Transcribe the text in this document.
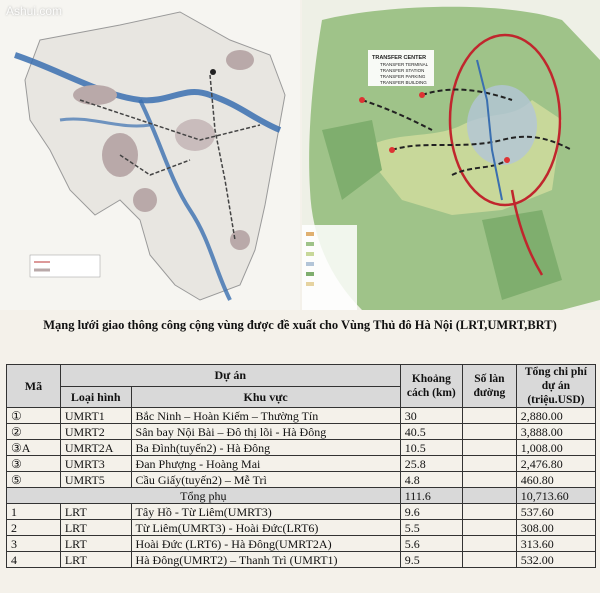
Ashui.com
TRANSFER CENTER
TRANSFER TERMINAL
TRANSFER STATION
TRANSFER PARKING
TRANSFER BUILDING
Mạng lưới giao thông công cộng vùng được đề xuất cho Vùng Thủ đô Hà Nội (LRT,UMRT,BRT)
Mã	Dự án		Khoảng cách (km)	Số làn đường	Tổng chi phí dự án (triệu.USD)
	Loại hình	Khu vực			
①	UMRT1	Bắc Ninh – Hoàn Kiếm – Thường Tín	30		2,880.00
②	UMRT2	Sân bay Nội Bài – Đô thị lõi - Hà Đông	40.5		3,888.00
③A	UMRT2A	Ba Đình(tuyến2) - Hà Đông	10.5		1,008.00
③	UMRT3	Đan Phượng - Hoàng Mai	25.8		2,476.80
⑤	UMRT5	Cầu Giấy(tuyến2) – Mễ Trì	4.8		460.80
Tổng phụ			111.6		10,713.60
1	LRT	Tây Hồ - Từ Liêm(UMRT3)	9.6		537.60
2	LRT	Từ Liêm(UMRT3) - Hoài Đức(LRT6)	5.5		308.00
3	LRT	Hoài Đức (LRT6) - Hà Đông(UMRT2A)	5.6		313.60
4	LRT	Hà Đông(UMRT2) – Thanh Trì (UMRT1)	9.5		532.00
